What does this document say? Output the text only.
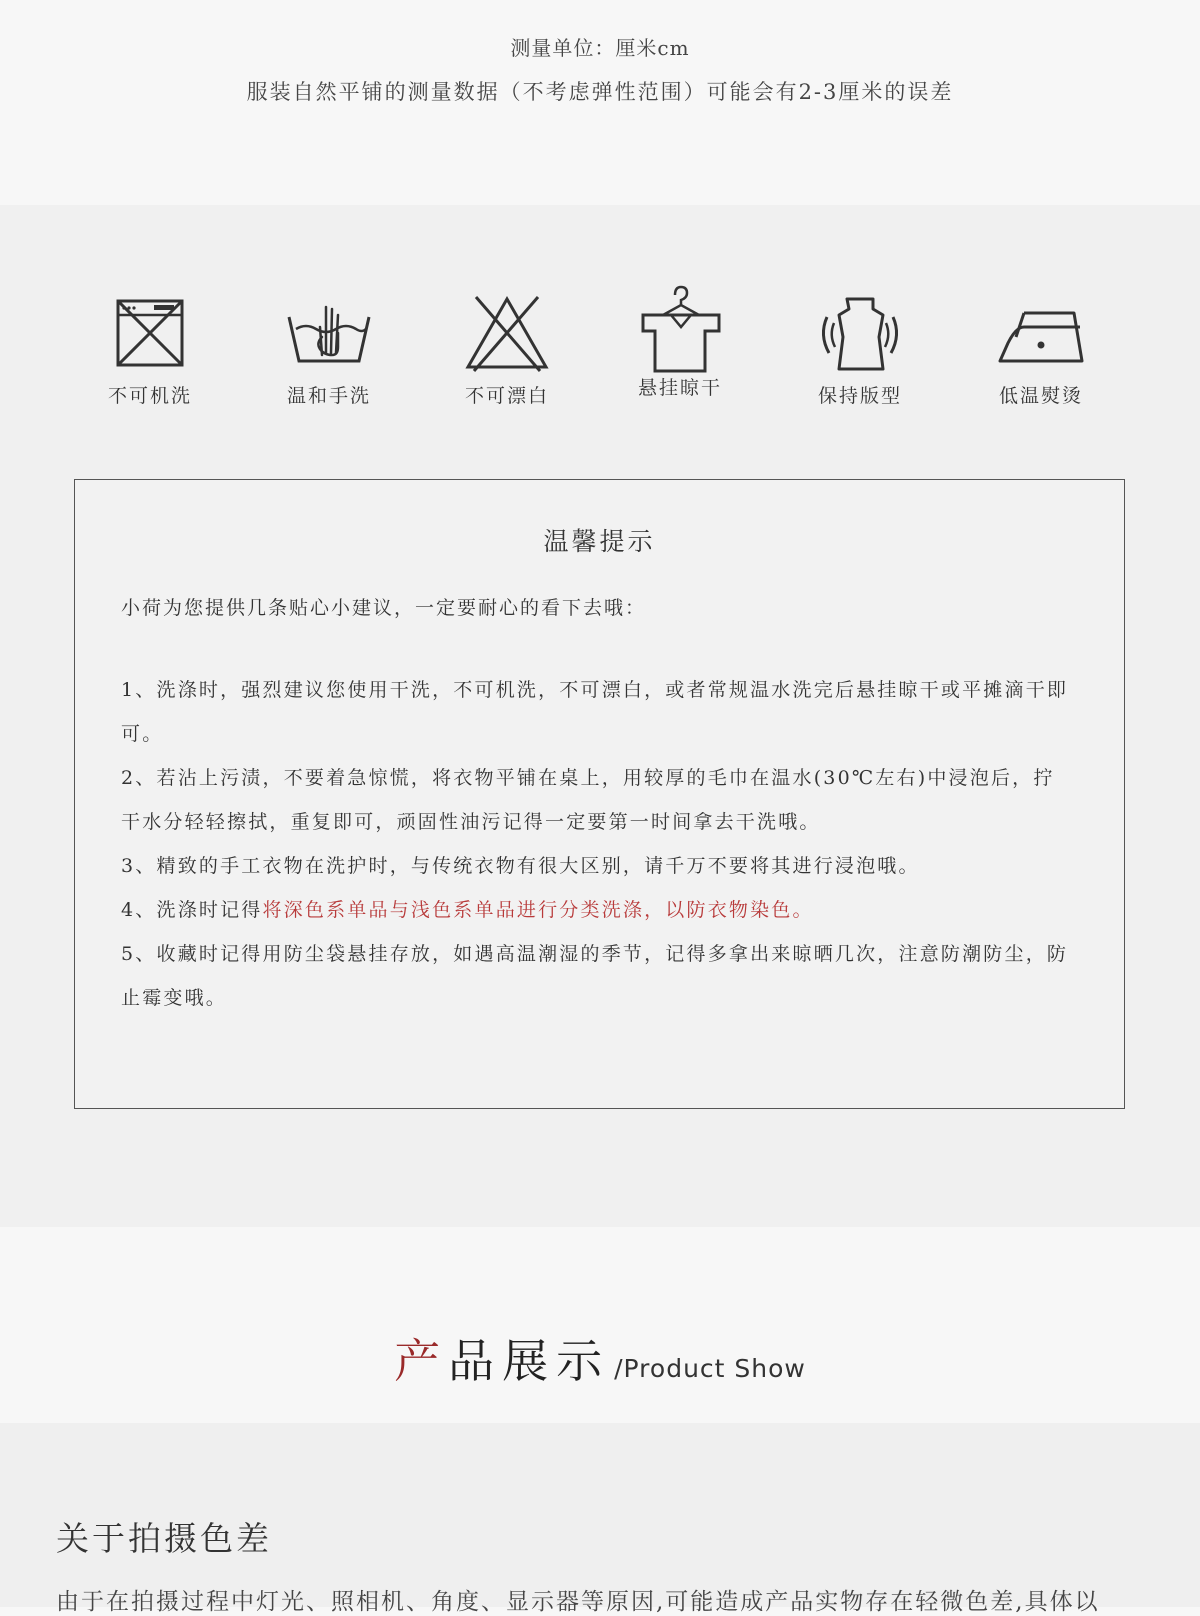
测量单位：厘米cm
服装自然平铺的测量数据（不考虑弹性范围）可能会有2-3厘米的误差
不可机洗	温和手洗	不可漂白	悬挂晾干	保持版型	低温熨烫
温馨提示
小荷为您提供几条贴心小建议，一定要耐心的看下去哦：
1、洗涤时，强烈建议您使用干洗，不可机洗，不可漂白，或者常规温水洗完后悬挂晾干或平摊滴干即可。
2、若沾上污渍，不要着急惊慌，将衣物平铺在桌上，用较厚的毛巾在温水(30℃左右)中浸泡后，拧干水分轻轻擦拭，重复即可，顽固性油污记得一定要第一时间拿去干洗哦。
3、精致的手工衣物在洗护时，与传统衣物有很大区别，请千万不要将其进行浸泡哦。
4、洗涤时记得将深色系单品与浅色系单品进行分类洗涤，以防衣物染色。
5、收藏时记得用防尘袋悬挂存放，如遇高温潮湿的季节，记得多拿出来晾晒几次，注意防潮防尘，防止霉变哦。
产品展示 /Product Show
关于拍摄色差
由于在拍摄过程中灯光、照相机、角度、显示器等原因,可能造成产品实物存在轻微色差,具体以
